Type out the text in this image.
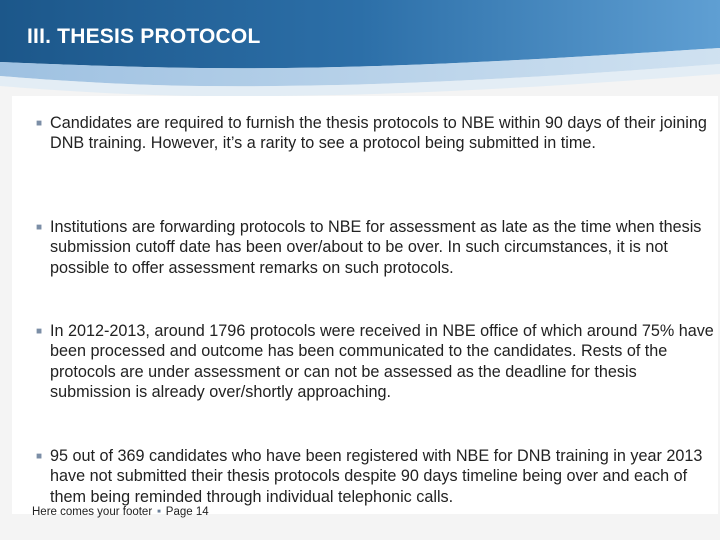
III. THESIS PROTOCOL
■ Candidates are required to furnish the thesis protocols to NBE within 90 days of their joining DNB training. However, it’s a rarity to see a protocol being submitted in time.
■ Institutions are forwarding protocols to NBE for assessment as late as the time when thesis submission cutoff date has been over/about to be over. In such circumstances, it is not possible to offer assessment remarks on such protocols.
■ In 2012-2013, around 1796 protocols were received in NBE office of which around 75% have been processed and outcome has been communicated to the candidates. Rests of the protocols are under assessment or can not be assessed as the deadline for thesis submission is already over/shortly approaching.
■ 95 out of 369 candidates who have been registered with NBE for DNB training in year 2013 have not submitted their thesis protocols despite 90 days timeline being over and each of them being reminded through individual telephonic calls.
Here comes your footer ■ Page 14
